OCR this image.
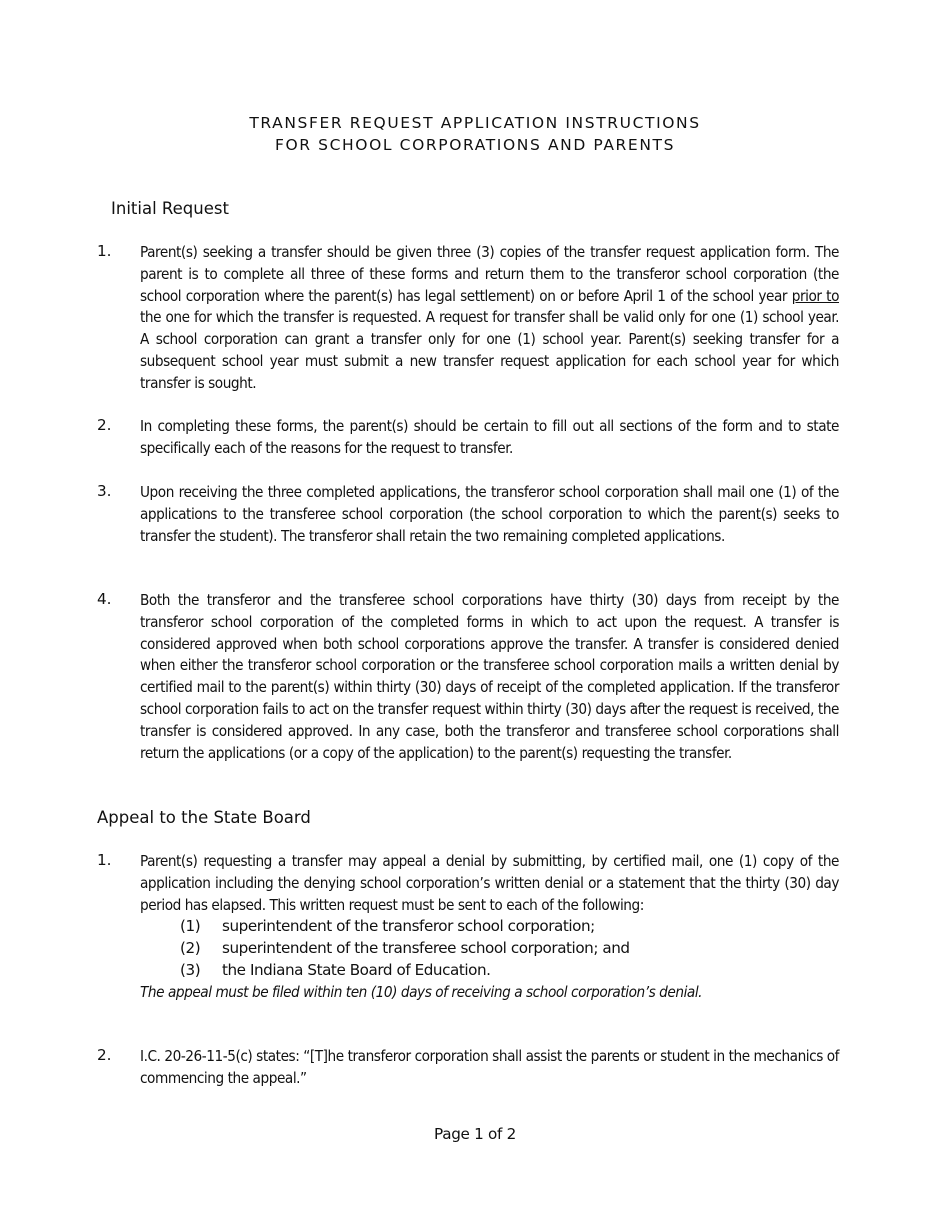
TRANSFER REQUEST APPLICATION INSTRUCTIONS
FOR SCHOOL CORPORATIONS AND PARENTS
Initial Request
1. Parent(s) seeking a transfer should be given three (3) copies of the transfer request application form. The parent is to complete all three of these forms and return them to the transferor school corporation (the school corporation where the parent(s) has legal settlement) on or before April 1 of the school year prior to the one for which the transfer is requested. A request for transfer shall be valid only for one (1) school year. A school corporation can grant a transfer only for one (1) school year. Parent(s) seeking transfer for a subsequent school year must submit a new transfer request application for each school year for which transfer is sought.
2. In completing these forms, the parent(s) should be certain to fill out all sections of the form and to state specifically each of the reasons for the request to transfer.
3. Upon receiving the three completed applications, the transferor school corporation shall mail one (1) of the applications to the transferee school corporation (the school corporation to which the parent(s) seeks to transfer the student). The transferor shall retain the two remaining completed applications.
4. Both the transferor and the transferee school corporations have thirty (30) days from receipt by the transferor school corporation of the completed forms in which to act upon the request. A transfer is considered approved when both school corporations approve the transfer. A transfer is considered denied when either the transferor school corporation or the transferee school corporation mails a written denial by certified mail to the parent(s) within thirty (30) days of receipt of the completed application. If the transferor school corporation fails to act on the transfer request within thirty (30) days after the request is received, the transfer is considered approved. In any case, both the transferor and transferee school corporations shall return the applications (or a copy of the application) to the parent(s) requesting the transfer.
Appeal to the State Board
1. Parent(s) requesting a transfer may appeal a denial by submitting, by certified mail, one (1) copy of the application including the denying school corporation’s written denial or a statement that the thirty (30) day period has elapsed. This written request must be sent to each of the following:
(1) superintendent of the transferor school corporation;
(2) superintendent of the transferee school corporation; and
(3) the Indiana State Board of Education.
The appeal must be filed within ten (10) days of receiving a school corporation’s denial.
2. I.C. 20-26-11-5(c) states: “[T]he transferor corporation shall assist the parents or student in the mechanics of commencing the appeal.”
Page 1 of 2
